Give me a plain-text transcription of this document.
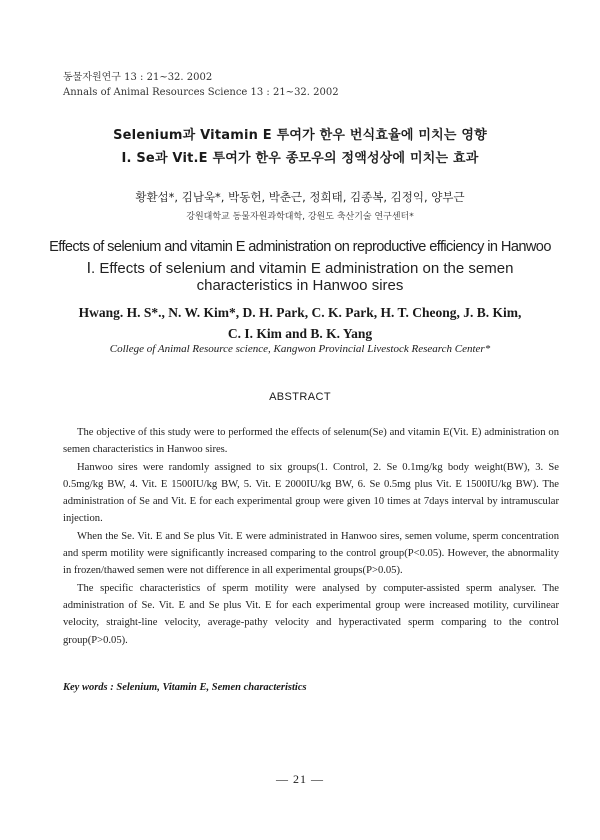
동물자원연구 13 : 21~32. 2002
Annals of Animal Resources Science 13 : 21~32. 2002
Selenium과 Vitamin E 투여가 한우 번식효율에 미치는 영향
Ⅰ. Se과 Vit.E 투여가 한우 종모우의 정액성상에 미치는 효과
황환섭*, 김남욱*, 박동헌, 박춘근, 정희태, 김종복, 김정익, 양부근
강원대학교 동물자원과학대학, 강원도 축산기술 연구센터*
Effects of selenium and vitamin E administration on reproductive efficiency in Hanwoo
Ⅰ. Effects of selenium and vitamin E administration on the semen
characteristics in Hanwoo sires
Hwang. H. S*., N. W. Kim*, D. H. Park, C. K. Park, H. T. Cheong, J. B. Kim,
C. I. Kim and B. K. Yang
College of Animal Resource science, Kangwon Provincial Livestock Research Center*
ABSTRACT

The objective of this study were to performed the effects of selenum(Se) and vitamin E(Vit. E) administration on semen characteristics in Hanwoo sires.

Hanwoo sires were randomly assigned to six groups(1. Control, 2. Se 0.1mg/kg body weight(BW), 3. Se 0.5mg/kg BW, 4. Vit. E 1500IU/kg BW, 5. Vit. E 2000IU/kg BW, 6. Se 0.5mg plus Vit. E 1500IU/kg BW). The administration of Se and Vit. E for each experimental group were given 10 times at 7days interval by intramuscular injection.

When the Se. Vit. E and Se plus Vit. E were administrated in Hanwoo sires, semen volume, sperm concentration and sperm motility were significantly increased comparing to the control group(P<0.05). However, the abnormality in frozen/thawed semen were not difference in all experimental groups(P>0.05).

The specific characteristics of sperm motility were analysed by computer-assisted sperm analyser. The administration of Se. Vit. E and Se plus Vit. E for each experimental group were increased motility, curvilinear velocity, straight-line velocity, average-pathy velocity and hyperactivated sperm comparing to the control group(P>0.05).

Key words : Selenium, Vitamin E, Semen characteristics
— 21 —
